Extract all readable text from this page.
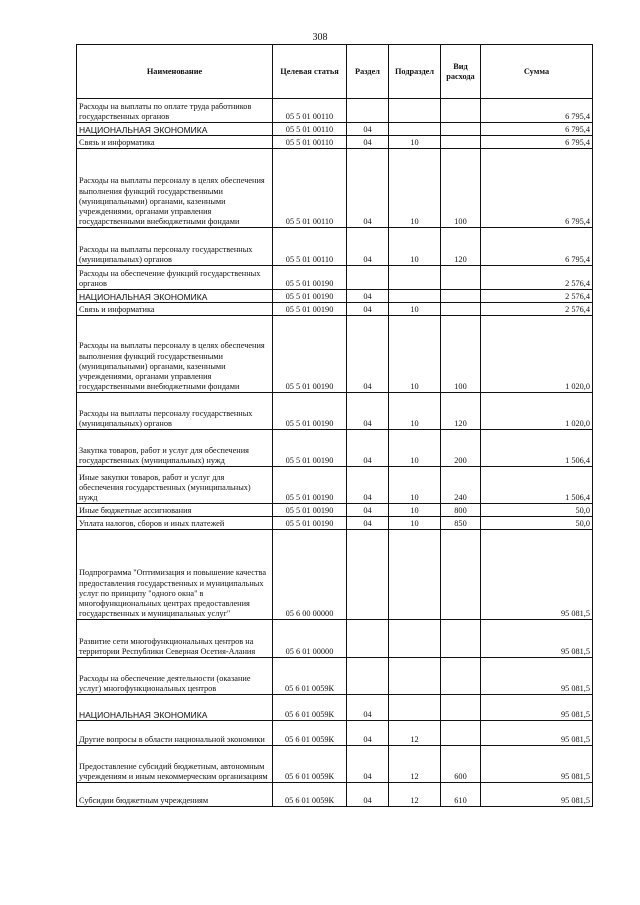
308
Наименование	Целевая статья	Раздел	Подраздел	Вид расхода	Сумма
Расходы на выплаты по оплате труда работников государственных органов	05 5 01 00110				6 795,4
НАЦИОНАЛЬНАЯ ЭКОНОМИКА	05 5 01 00110	04			6 795,4
Связь и информатика	05 5 01 00110	04	10		6 795,4
Расходы на выплаты персоналу в целях обеспечения выполнения функций государственными (муниципальными) органами, казенными учреждениями, органами управления государственными внебюджетными фондами	05 5 01 00110	04	10	100	6 795,4
Расходы на выплаты персоналу государственных (муниципальных) органов	05 5 01 00110	04	10	120	6 795,4
Расходы на обеспечение функций государственных органов	05 5 01 00190				2 576,4
НАЦИОНАЛЬНАЯ ЭКОНОМИКА	05 5 01 00190	04			2 576,4
Связь и информатика	05 5 01 00190	04	10		2 576,4
Расходы на выплаты персоналу в целях обеспечения выполнения функций государственными (муниципальными) органами, казенными учреждениями, органами управления государственными внебюджетными фондами	05 5 01 00190	04	10	100	1 020,0
Расходы на выплаты персоналу государственных (муниципальных) органов	05 5 01 00190	04	10	120	1 020,0
Закупка товаров, работ и услуг для обеспечения государственных (муниципальных) нужд	05 5 01 00190	04	10	200	1 506,4
Иные закупки товаров, работ и услуг для обеспечения государственных (муниципальных) нужд	05 5 01 00190	04	10	240	1 506,4
Иные бюджетные ассигнования	05 5 01 00190	04	10	800	50,0
Уплата налогов, сборов и иных платежей	05 5 01 00190	04	10	850	50,0
Подпрограмма "Оптимизация и повышение качества предоставления государственных и муниципальных услуг по принципу "одного окна" в многофункциональных центрах предоставления государственных и муниципальных услуг"	05 6 00 00000				95 081,5
Развитие сети многофункциональных центров на территории Республики Северная Осетия-Алания	05 6 01 00000				95 081,5
Расходы на обеспечение деятельности (оказание услуг) многофункциональных центров	05 6 01 0059К				95 081,5
НАЦИОНАЛЬНАЯ ЭКОНОМИКА	05 6 01 0059К	04			95 081,5
Другие вопросы в области национальной экономики	05 6 01 0059К	04	12		95 081,5
Предоставление субсидий бюджетным, автономным учреждениям и иным некоммерческим организациям	05 6 01 0059К	04	12	600	95 081,5
Субсидии бюджетным учреждениям	05 6 01 0059К	04	12	610	95 081,5
